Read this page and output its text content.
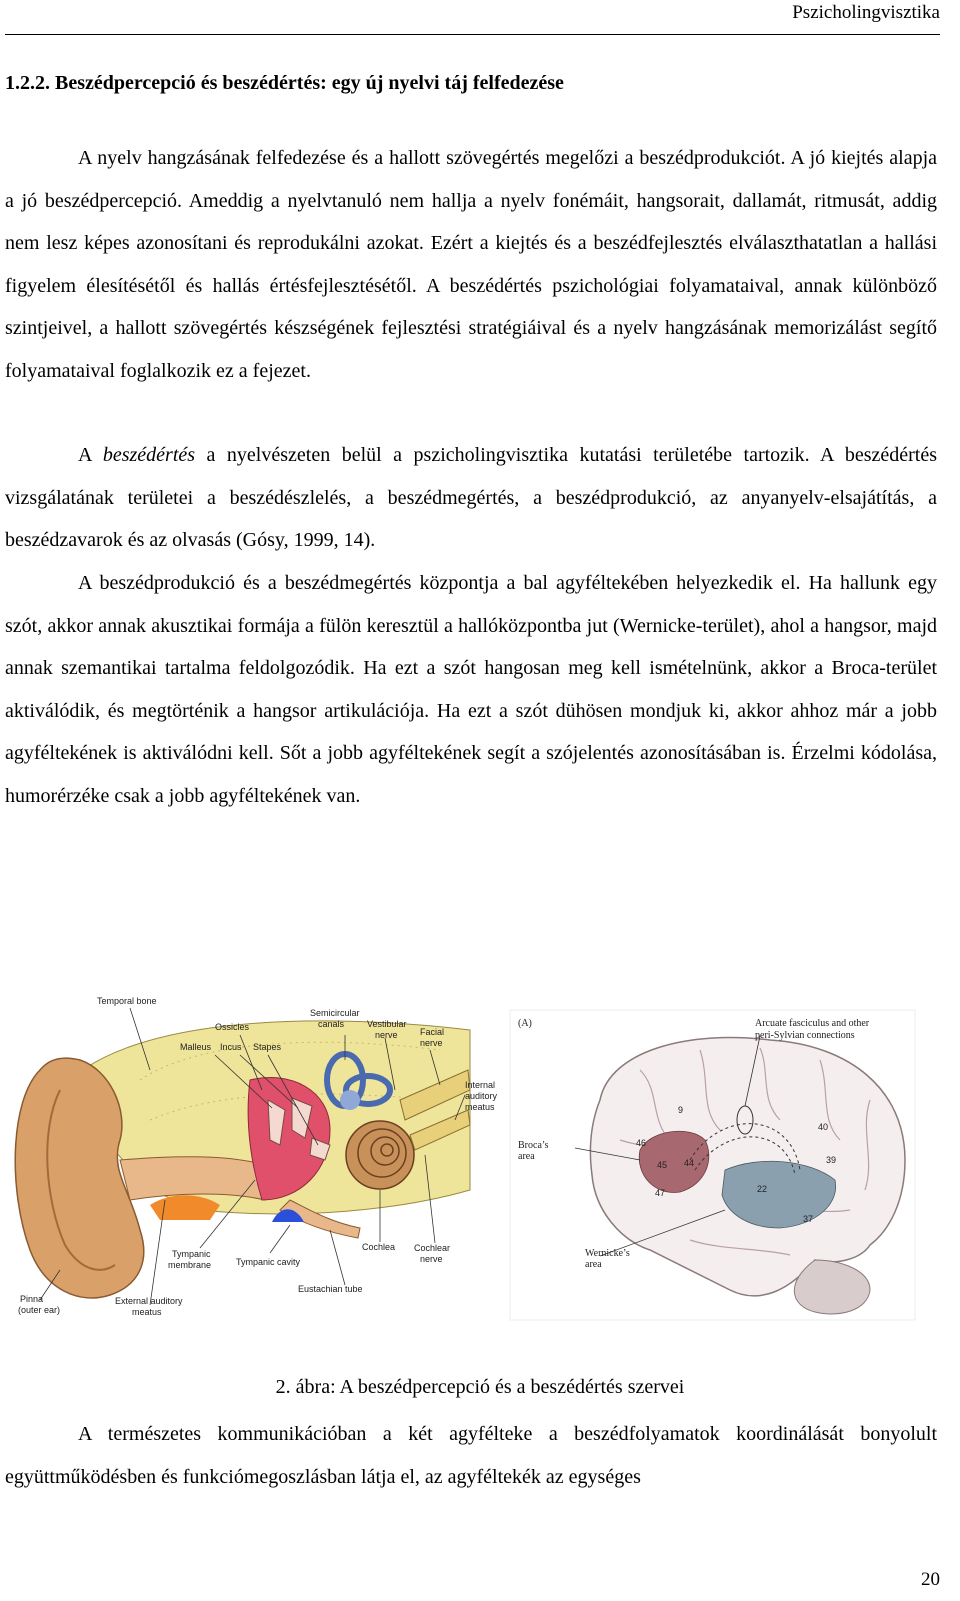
Pszicholingvisztika
1.2.2. Beszédpercepció és beszédértés: egy új nyelvi táj felfedezése

A nyelv hangzásának felfedezése és a hallott szövegértés megelőzi a beszédprodukciót. A jó kiejtés alapja a jó beszédpercepció. Ameddig a nyelvtanuló nem hallja a nyelv fonémáit, hangsorait, dallamát, ritmusát, addig nem lesz képes azonosítani és reprodukálni azokat. Ezért a kiejtés és a beszédfejlesztés elválaszthatatlan a hallási figyelem élesítésétől és hallás értésfejlesztésétől. A beszédértés pszichológiai folyamataival, annak különböző szintjeivel, a hallott szövegértés készségének fejlesztési stratégiáival és a nyelv hangzásának memorizálást segítő folyamataival foglalkozik ez a fejezet.

A beszédértés a nyelvészeten belül a pszicholingvisztika kutatási területébe tartozik. A beszédértés vizsgálatának területei a beszédészlelés, a beszédmegértés, a beszédprodukció, az anyanyelv-elsajátítás, a beszédzavarok és az olvasás (Gósy, 1999, 14).

A beszédprodukció és a beszédmegértés központja a bal agyféltekében helyezkedik el. Ha hallunk egy szót, akkor annak akusztikai formája a fülön keresztül a hallóközpontba jut (Wernicke-terület), ahol a hangsor, majd annak szemantikai tartalma feldolgozódik. Ha ezt a szót hangosan meg kell ismételnünk, akkor a Broca-terület aktiválódik, és megtörténik a hangsor artikulációja. Ha ezt a szót dühösen mondjuk ki, akkor ahhoz már a jobb agyféltekének is aktiválódni kell. Sőt a jobb agyféltekének segít a szójelentés azonosításában is. Érzelmi kódolása, humorérzéke csak a jobb agyféltekének van.

Temporal bone
Ossicles
Malleus Incus Stapes
Semicircular
canals	Vestibular
nerve Facial
nerve
Internal
auditory
meatus
Cochlea Cochlear
nerve
Tympanic
membrane	Tympanic cavity
Eustachian tube
Pinna
(outer ear)
External auditory
meatus
(A)	Arcuate fasciculus and other
peri-Sylvian connections
Broca’s
area
Wernicke’s
area
9
40
46
45 44	39
22
47
37
2. ábra: A beszédpercepció és a beszédértés szervei

A természetes kommunikációban a két agyfélteke a beszédfolyamatok koordinálását bonyolult együttműködésben és funkciómegoszlásban látja el, az agyféltekék az egységes

20
